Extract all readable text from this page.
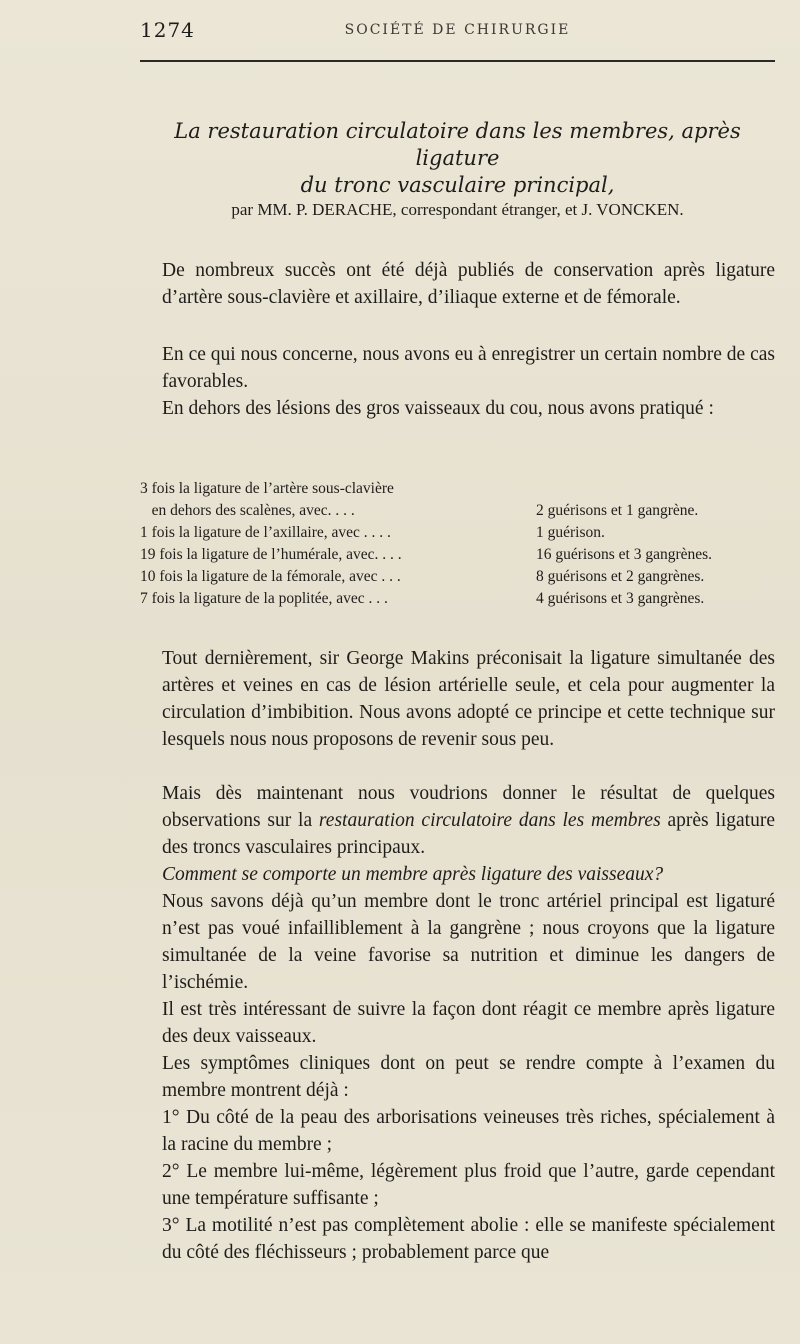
1274	SOCIÉTÉ DE CHIRURGIE
La restauration circulatoire dans les membres, après ligature
du tronc vasculaire principal,
par MM. P. DERACHE, correspondant étranger, et J. VONCKEN.
De nombreux succès ont été déjà publiés de conservation après ligature d’artère sous-clavière et axillaire, d’iliaque externe et de fémorale.
En ce qui nous concerne, nous avons eu à enregistrer un certain nombre de cas favorables.
En dehors des lésions des gros vaisseaux du cou, nous avons pratiqué :
3 fois la ligature de l’artère sous-clavière
en dehors des scalènes, avec. . . .	2 guérisons et 1 gangrène.
1 fois la ligature de l’axillaire, avec . . . .	1 guérison.
19 fois la ligature de l’humérale, avec. . . .	16 guérisons et 3 gangrènes.
10 fois la ligature de la fémorale, avec . . .	8 guérisons et 2 gangrènes.
7 fois la ligature de la poplitée, avec . . .	4 guérisons et 3 gangrènes.
Tout dernièrement, sir George Makins préconisait la ligature simultanée des artères et veines en cas de lésion artérielle seule, et cela pour augmenter la circulation d’imbibition. Nous avons adopté ce principe et cette technique sur lesquels nous nous proposons de revenir sous peu.
Mais dès maintenant nous voudrions donner le résultat de quelques observations sur la restauration circulatoire dans les membres après ligature des troncs vasculaires principaux.
Comment se comporte un membre après ligature des vaisseaux?
Nous savons déjà qu’un membre dont le tronc artériel principal est ligaturé n’est pas voué infailliblement à la gangrène ; nous croyons que la ligature simultanée de la veine favorise sa nutrition et diminue les dangers de l’ischémie.
Il est très intéressant de suivre la façon dont réagit ce membre après ligature des deux vaisseaux.
Les symptômes cliniques dont on peut se rendre compte à l’examen du membre montrent déjà :
1° Du côté de la peau des arborisations veineuses très riches, spécialement à la racine du membre ;
2° Le membre lui-même, légèrement plus froid que l’autre, garde cependant une température suffisante ;
3° La motilité n’est pas complètement abolie : elle se manifeste spécialement du côté des fléchisseurs ; probablement parce que
